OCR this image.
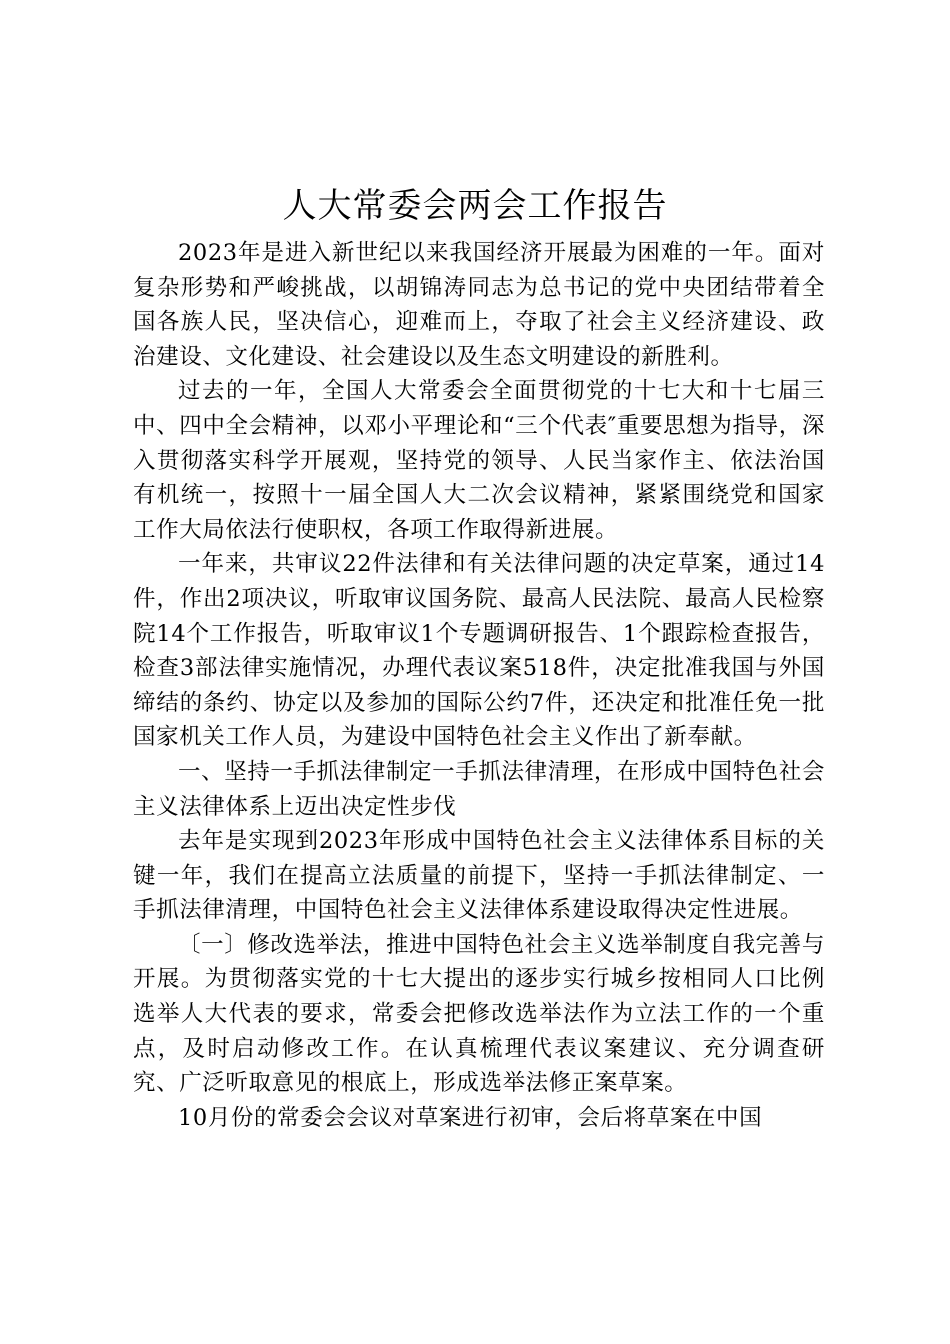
人大常委会两会工作报告

2023年是进入新世纪以来我国经济开展最为困难的一年。面对复杂形势和严峻挑战，以胡锦涛同志为总书记的党中央团结带着全国各族人民，坚决信心，迎难而上，夺取了社会主义经济建设、政治建设、文化建设、社会建设以及生态文明建设的新胜利。

过去的一年，全国人大常委会全面贯彻党的十七大和十七届三中、四中全会精神，以邓小平理论和“三个代表″重要思想为指导，深入贯彻落实科学开展观，坚持党的领导、人民当家作主、依法治国有机统一，按照十一届全国人大二次会议精神，紧紧围绕党和国家工作大局依法行使职权，各项工作取得新进展。

一年来，共审议22件法律和有关法律问题的决定草案，通过14件，作出2项决议，听取审议国务院、最高人民法院、最高人民检察院14个工作报告，听取审议1个专题调研报告、1个跟踪检查报告，检查3部法律实施情况，办理代表议案518件，决定批准我国与外国缔结的条约、协定以及参加的国际公约7件，还决定和批准任免一批国家机关工作人员，为建设中国特色社会主义作出了新奉献。

一、坚持一手抓法律制定一手抓法律清理，在形成中国特色社会主义法律体系上迈出决定性步伐

去年是实现到2023年形成中国特色社会主义法律体系目标的关键一年，我们在提高立法质量的前提下，坚持一手抓法律制定、一手抓法律清理，中国特色社会主义法律体系建设取得决定性进展。

〔一〕修改选举法，推进中国特色社会主义选举制度自我完善与开展。为贯彻落实党的十七大提出的逐步实行城乡按相同人口比例选举人大代表的要求，常委会把修改选举法作为立法工作的一个重点，及时启动修改工作。在认真梳理代表议案建议、充分调查研究、广泛听取意见的根底上，形成选举法修正案草案。

10月份的常委会会议对草案进行初审，会后将草案在中国
